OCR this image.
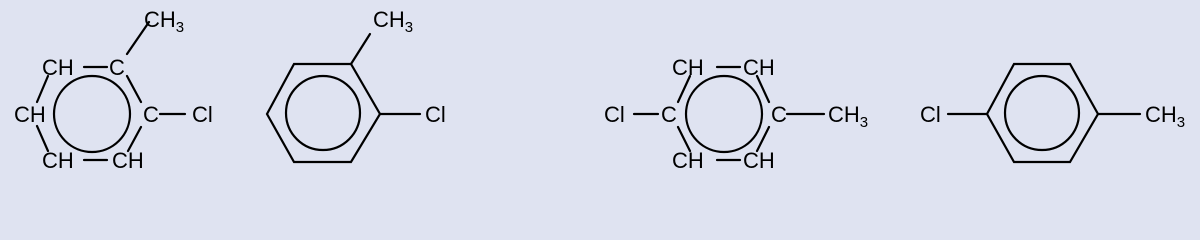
$CH_3$
CH C
CH	C
CH CH
Cl
$CH_3$
Cl	Cl C
CH CH
C
CH CH
$CH_3$ Cl	$CH_3$
